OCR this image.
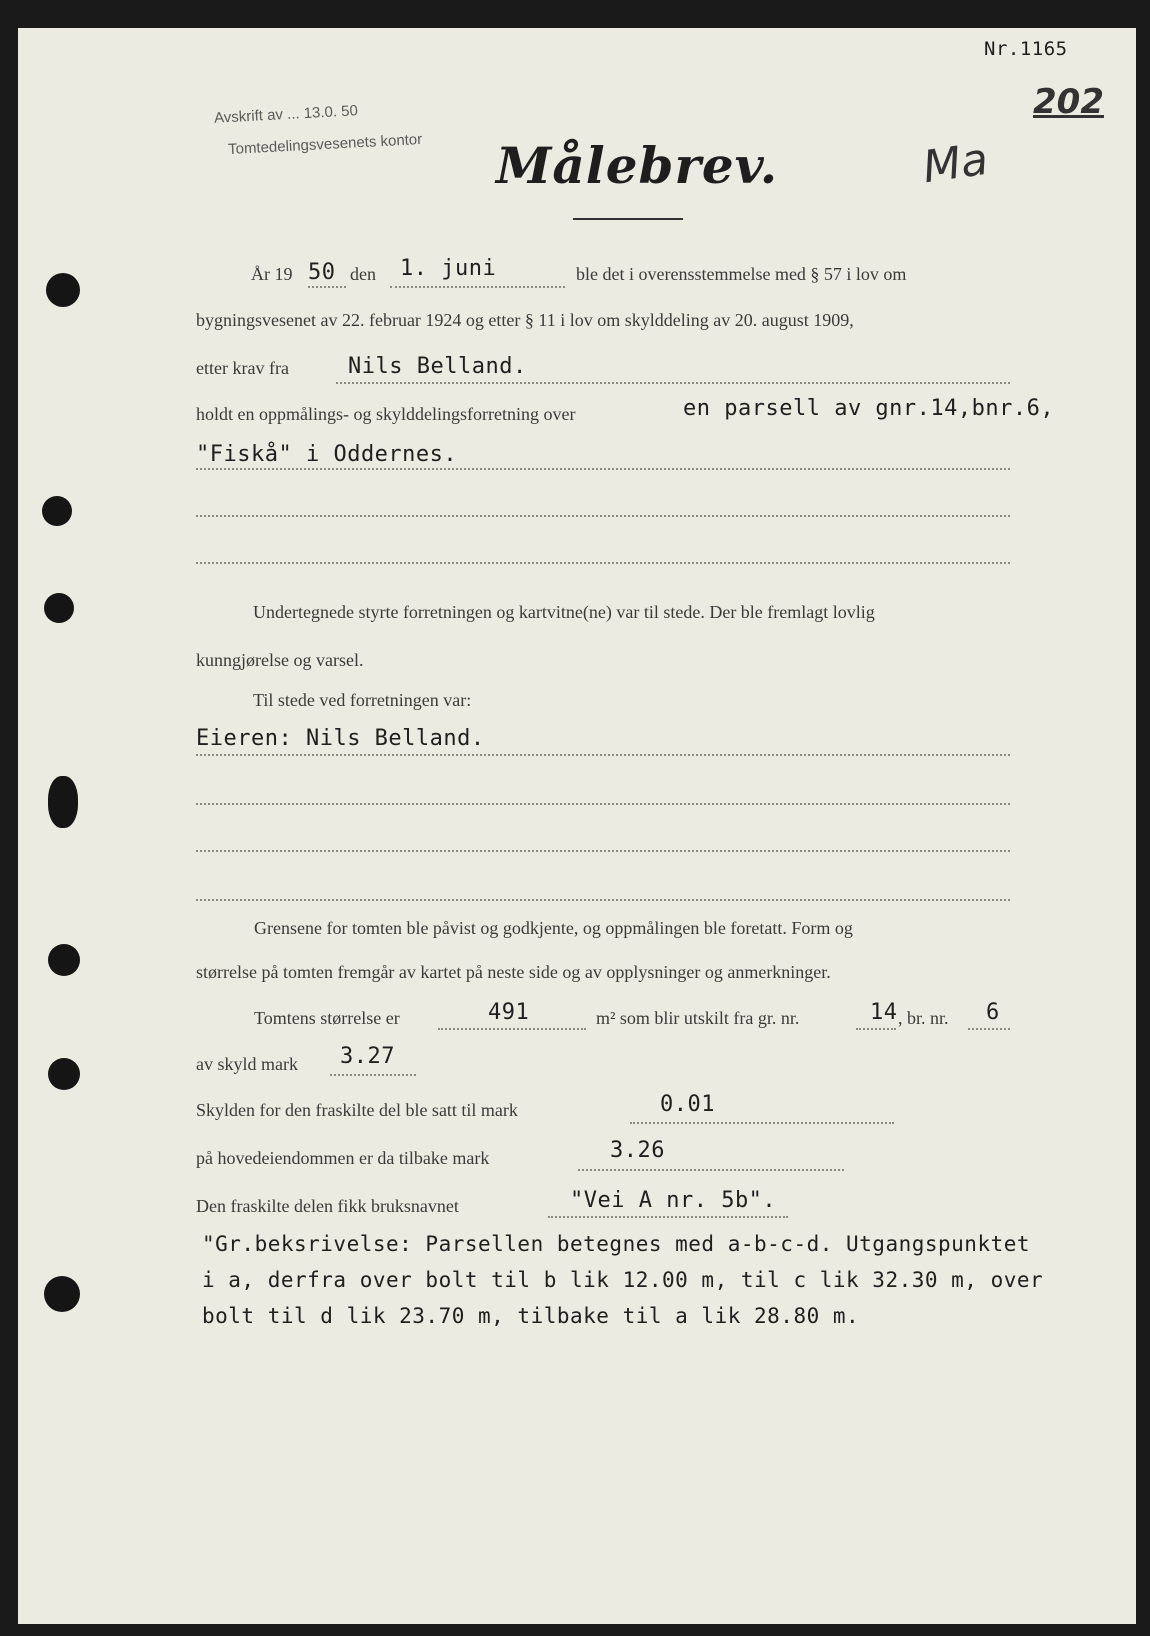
Nr.1165
202
Avskrift av ... 13.0. 50
Tomtedelingsvesenets kontor	Ma
Målebrev.
År 19 50 den 1. juni	ble det i overensstemmelse med § 57 i lov om
bygningsvesenet av 22. februar 1924 og etter § 11 i lov om skylddeling av 20. august 1909,
etter krav fra	Nils Belland.
holdt en oppmålings- og skylddelingsforretning over	en parsell av gnr.14,bnr.6,
"Fiskå" i Oddernes.
Undertegnede styrte forretningen og kartvitne(ne) var til stede. Der ble fremlagt lovlig
kunngjørelse og varsel.
Til stede ved forretningen var:
Eieren: Nils Belland.
Grensene for tomten ble påvist og godkjente, og oppmålingen ble foretatt. Form og
størrelse på tomten fremgår av kartet på neste side og av opplysninger og anmerkninger.
Tomtens størrelse er	491	m² som blir utskilt fra gr. nr.	14 , br. nr. 6
av skyld mark 3.27
Skylden for den fraskilte del ble satt til mark	0.01
på hovedeiendommen er da tilbake mark	3.26
Den fraskilte delen fikk bruksnavnet	"Vei A nr. 5b".
"Gr.beksrivelse: Parsellen betegnes med a-b-c-d. Utgangspunktet
i a, derfra over bolt til b lik 12.00 m, til c lik 32.30 m, over
bolt til d lik 23.70 m, tilbake til a lik 28.80 m.
